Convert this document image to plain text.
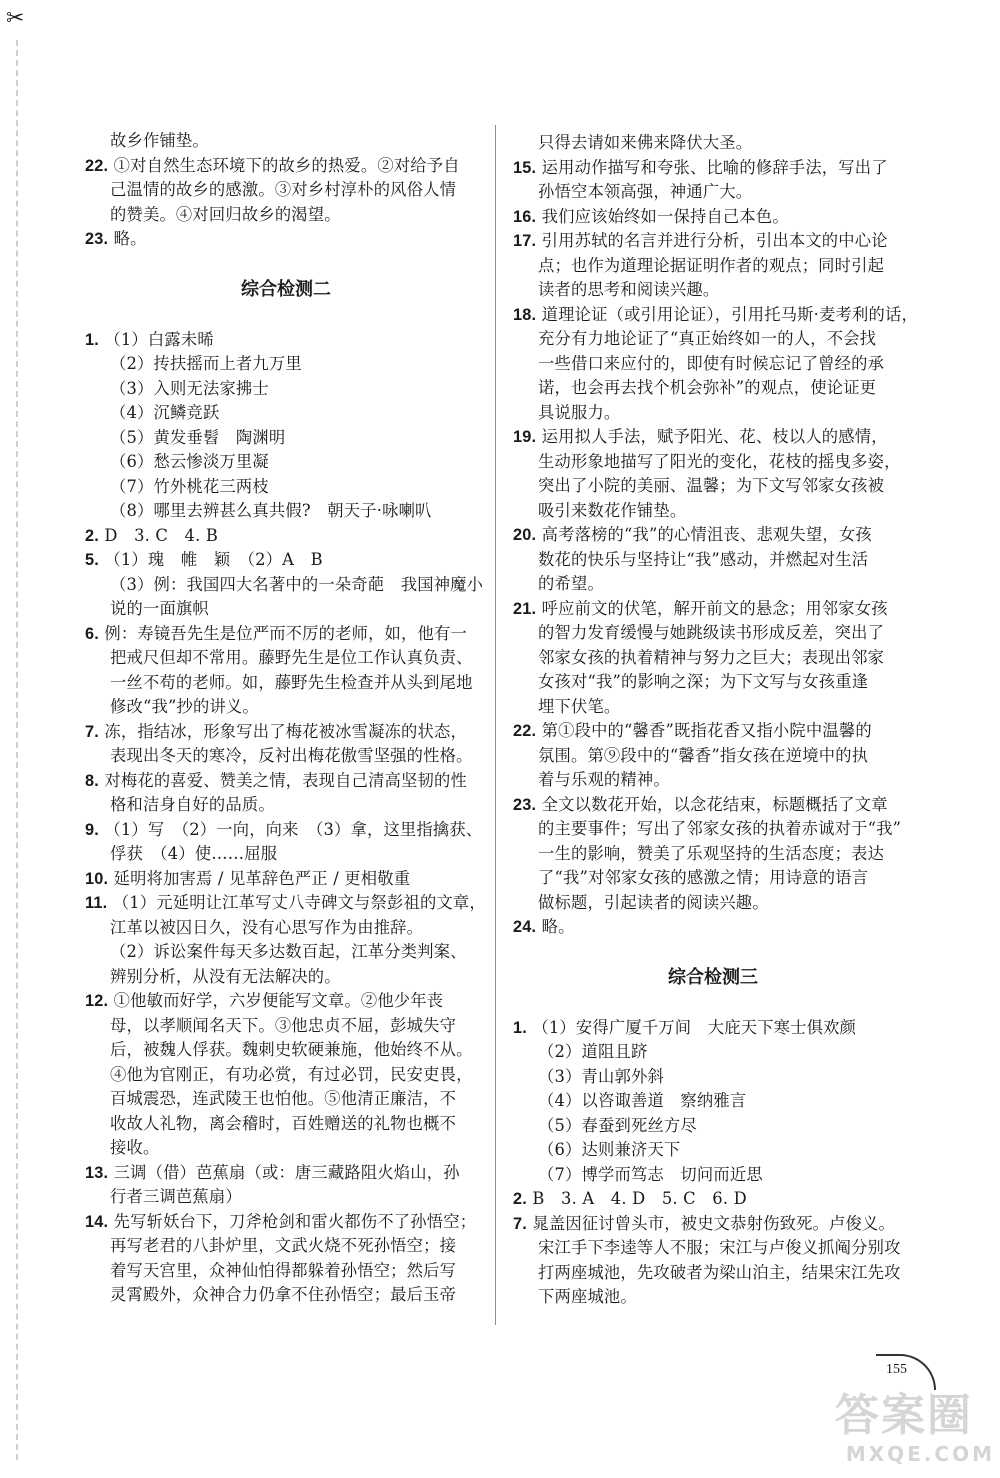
✂
故乡作铺垫。
22. ①对自然生态环境下的故乡的热爱。②对给予自
己温情的故乡的感激。③对乡村淳朴的风俗人情
的赞美。④对回归故乡的渴望。
23. 略。
综合检测二
1. （1）白露未晞
（2）抟扶摇而上者九万里
（3）入则无法家拂士
（4）沉鳞竞跃
（5）黄发垂髫　陶渊明
（6）愁云惨淡万里凝
（7）竹外桃花三两枝
（8）哪里去辨甚么真共假?　朝天子·咏喇叭
2. D　3. C　4. B
5. （1）瑰　帷　颖　（2）A　B
（3）例：我国四大名著中的一朵奇葩　我国神魔小
说的一面旗帜
6. 例：寿镜吾先生是位严而不厉的老师，如，他有一
把戒尺但却不常用。藤野先生是位工作认真负责、
一丝不苟的老师。如，藤野先生检查并从头到尾地
修改“我”抄的讲义。
7. 冻，指结冰，形象写出了梅花被冰雪凝冻的状态，
表现出冬天的寒冷，反衬出梅花傲雪坚强的性格。
8. 对梅花的喜爱、赞美之情，表现自己清高坚韧的性
格和洁身自好的品质。
9. （1）写　（2）一向，向来　（3）拿，这里指擒获、
俘获　（4）使……屈服
10. 延明将加害焉 / 见革辞色严正 / 更相敬重
11. （1）元延明让江革写丈八寺碑文与祭彭祖的文章，
江革以被囚日久，没有心思写作为由推辞。
（2）诉讼案件每天多达数百起，江革分类判案、
辨别分析，从没有无法解决的。
12. ①他敏而好学，六岁便能写文章。②他少年丧
母，以孝顺闻名天下。③他忠贞不屈，彭城失守
后，被魏人俘获。魏刺史软硬兼施，他始终不从。
④他为官刚正，有功必赏，有过必罚，民安吏畏，
百城震恐，连武陵王也怕他。⑤他清正廉洁，不
收故人礼物，离会稽时，百姓赠送的礼物也概不
接收。
13. 三调（借）芭蕉扇（或：唐三藏路阻火焰山，孙
行者三调芭蕉扇）
14. 先写斩妖台下，刀斧枪剑和雷火都伤不了孙悟空；
再写老君的八卦炉里，文武火烧不死孙悟空；接
着写天宫里，众神仙怕得都躲着孙悟空；然后写
灵霄殿外，众神合力仍拿不住孙悟空；最后玉帝
只得去请如来佛来降伏大圣。
15. 运用动作描写和夸张、比喻的修辞手法，写出了
孙悟空本领高强，神通广大。
16. 我们应该始终如一保持自己本色。
17. 引用苏轼的名言并进行分析，引出本文的中心论
点；也作为道理论据证明作者的观点；同时引起
读者的思考和阅读兴趣。
18. 道理论证（或引用论证），引用托马斯·麦考利的话，
充分有力地论证了“真正始终如一的人，不会找
一些借口来应付的，即使有时候忘记了曾经的承
诺，也会再去找个机会弥补”的观点，使论证更
具说服力。
19. 运用拟人手法，赋予阳光、花、枝以人的感情，
生动形象地描写了阳光的变化，花枝的摇曳多姿，
突出了小院的美丽、温馨；为下文写邻家女孩被
吸引来数花作铺垫。
20. 高考落榜的“我”的心情沮丧、悲观失望，女孩
数花的快乐与坚持让“我”感动，并燃起对生活
的希望。
21. 呼应前文的伏笔，解开前文的悬念；用邻家女孩
的智力发育缓慢与她跳级读书形成反差，突出了
邻家女孩的执着精神与努力之巨大；表现出邻家
女孩对“我”的影响之深；为下文写与女孩重逢
埋下伏笔。
22. 第①段中的“馨香”既指花香又指小院中温馨的
氛围。第⑨段中的“馨香”指女孩在逆境中的执
着与乐观的精神。
23. 全文以数花开始，以念花结束，标题概括了文章
的主要事件；写出了邻家女孩的执着赤诚对于“我”
一生的影响，赞美了乐观坚持的生活态度；表达
了“我”对邻家女孩的感激之情；用诗意的语言
做标题，引起读者的阅读兴趣。
24. 略。
综合检测三
1. （1）安得广厦千万间　大庇天下寒士俱欢颜
（2）道阻且跻
（3）青山郭外斜
（4）以咨诹善道　察纳雅言
（5）春蚕到死丝方尽
（6）达则兼济天下
（7）博学而笃志　切问而近思
2. B　3. A　4. D　5. C　6. D
7. 晁盖因征讨曾头市，被史文恭射伤致死。卢俊义。
宋江手下李逵等人不服；宋江与卢俊义抓阄分别攻
打两座城池，先攻破者为梁山泊主，结果宋江先攻
下两座城池。
155
答案圈
MXQE.COM
